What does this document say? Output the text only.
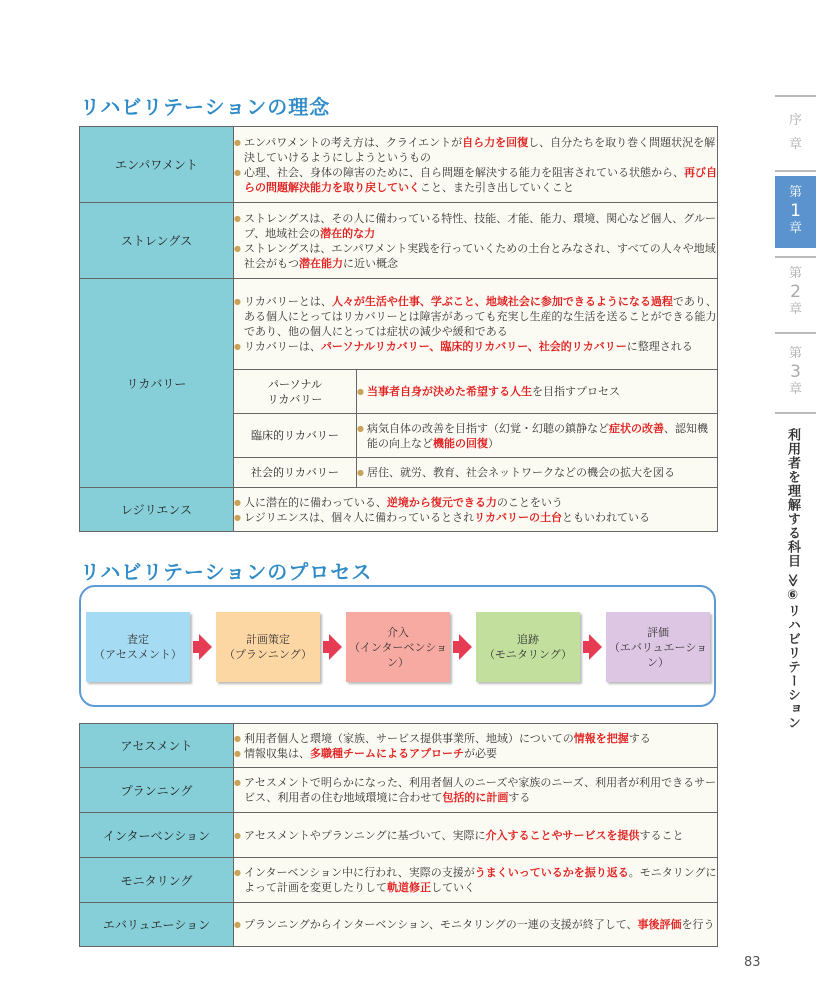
リハビリテーションの理念
エンパワメント	● エンパワメントの考え方は、クライエントが自ら力を回復し、自分たちを取り巻く問題状況を解決していけるようにしようというもの
● 心理、社会、身体の障害のために、自ら問題を解決する能力を阻害されている状態から、再び自らの問題解決能力を取り戻していくこと、また引き出していくこと

ストレングス	● ストレングスは、その人に備わっている特性、技能、才能、能力、環境、関心など個人、グループ、地域社会の潜在的な力
● ストレングスは、エンパワメント実践を行っていくための土台とみなされ、すべての人々や地域社会がもつ潜在能力に近い概念

リカバリー	● リカバリーとは、人々が生活や仕事、学ぶこと、地域社会に参加できるようになる過程であり、ある個人にとってはリカバリーとは障害があっても充実し生産的な生活を送ることができる能力であり、他の個人にとっては症状の減少や緩和である
● リカバリーは、パーソナルリカバリー、臨床的リカバリー、社会的リカバリーに整理される

	パーソナル
リカバリー	● 当事者自身が決めた希望する人生を目指すプロセス

	臨床的リカバリー	● 病気自体の改善を目指す（幻覚・幻聴の鎮静など症状の改善、認知機能の向上など機能の回復）

	社会的リカバリー	● 居住、就労、教育、社会ネットワークなどの機会の拡大を図る

レジリエンス	● 人に潜在的に備わっている、逆境から復元できる力のことをいう
● レジリエンスは、個々人に備わっているとされリカバリーの土台ともいわれている
リハビリテーションのプロセス
査定
（アセスメント）
計画策定
（プランニング）
介入
（インターベンション）
追跡
（モニタリング）
評価
（エバリュエーション）
アセスメント	● 利用者個人と環境（家族、サービス提供事業所、地域）についての情報を把握する
● 情報収集は、多職種チームによるアプローチが必要

プランニング	● アセスメントで明らかになった、利用者個人のニーズや家族のニーズ、利用者が利用できるサービス、利用者の住む地域環境に合わせて包括的に計画する

インターベンション	● アセスメントやプランニングに基づいて、実際に介入することやサービスを提供すること

モニタリング	● インターベンション中に行われ、実際の支援がうまくいっているかを振り返る。モニタリングによって計画を変更したりして軌道修正していく

エバリュエーション	● プランニングからインターベンション、モニタリングの一連の支援が終了して、事後評価を行う
序
章
第
1
章
第
2
章
第
3
章
利用者を理解する科目 ≫⑥リハビリテーション
83
